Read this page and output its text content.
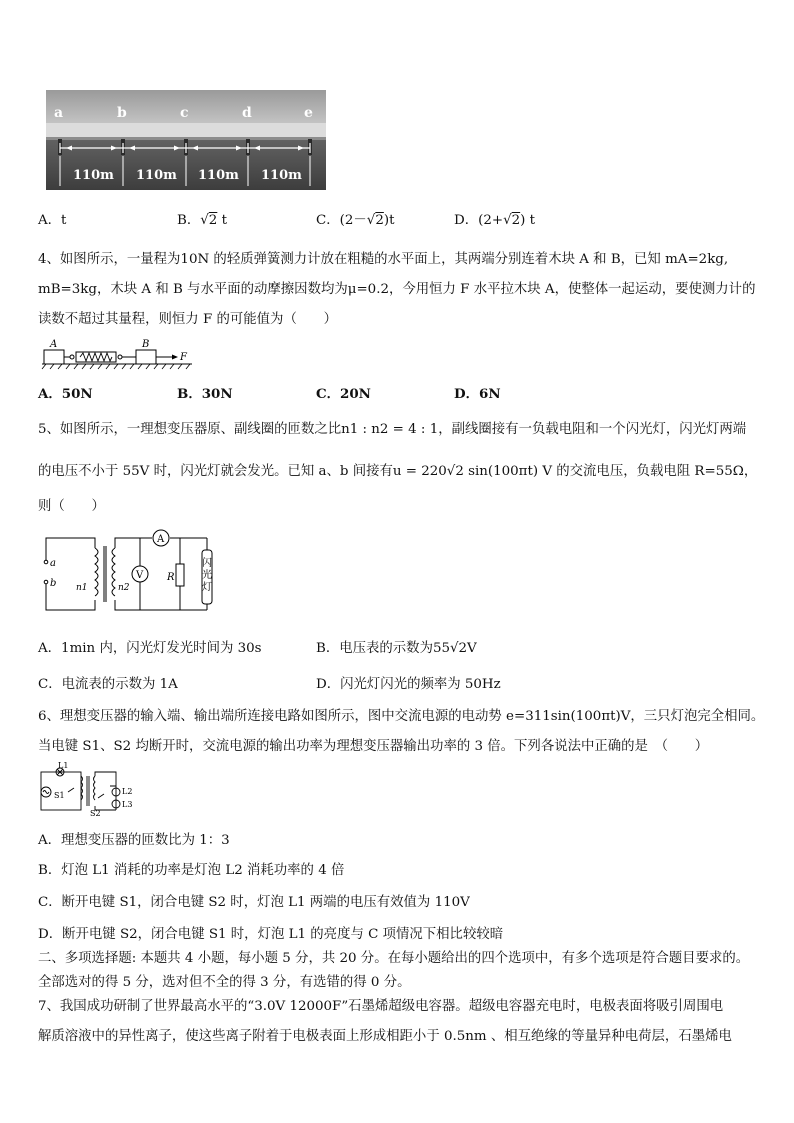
a	b	c	d	e
110m 110m 110m 110m
A．t	B．√2 t	C．(2－√2)t	D．(2+√2) t
4、如图所示，一量程为10N 的轻质弹簧测力计放在粗糙的水平面上，其两端分别连着木块 A 和 B，已知 mA=2kg,
mB=3kg，木块 A 和 B 与水平面的动摩擦因数均为μ=0.2，今用恒力 F 水平拉木块 A，使整体一起运动，要使测力计的
读数不超过其量程，则恒力 F 的可能值为（　　）
A	B
F
A．50N	B．30N	C．20N	D．6N
5、如图所示，一理想变压器原、副线圈的匝数之比n1 : n2 = 4 : 1，副线圈接有一负载电阻和一个闪光灯，闪光灯两端
的电压不小于 55V 时，闪光灯就会发光。已知 a、b 间接有u = 220√2 sin(100πt) V 的交流电压，负载电阻 R=55Ω，
则（　　）
a
b n1	n2
A
V R
闪光灯
A．1min 内，闪光灯发光时间为 30s	B．电压表的示数为55√2V
C．电流表的示数为 1A	D．闪光灯闪光的频率为 50Hz
6、理想变压器的输入端、输出端所连接电路如图所示，图中交流电源的电动势 e=311sin(100πt)V，三只灯泡完全相同。
当电键 S1、S2 均断开时，交流电源的输出功率为理想变压器输出功率的 3 倍。下列各说法中正确的是　（　　）
L1
L2
L3
S1
S2
A．理想变压器的匝数比为 1：3
B．灯泡 L1 消耗的功率是灯泡 L2 消耗功率的 4 倍
C．断开电键 S1，闭合电键 S2 时，灯泡 L1 两端的电压有效值为 110V
D．断开电键 S2，闭合电键 S1 时，灯泡 L1 的亮度与 C 项情况下相比较较暗
二、多项选择题: 本题共 4 小题，每小题 5 分，共 20 分。在每小题给出的四个选项中，有多个选项是符合题目要求的。
全部选对的得 5 分，选对但不全的得 3 分，有选错的得 0 分。
7、我国成功研制了世界最高水平的“3.0V 12000F”石墨烯超级电容器。超级电容器充电时，电极表面将吸引周围电
解质溶液中的异性离子，使这些离子附着于电极表面上形成相距小于 0.5nm 、相互绝缘的等量异种电荷层，石墨烯电
